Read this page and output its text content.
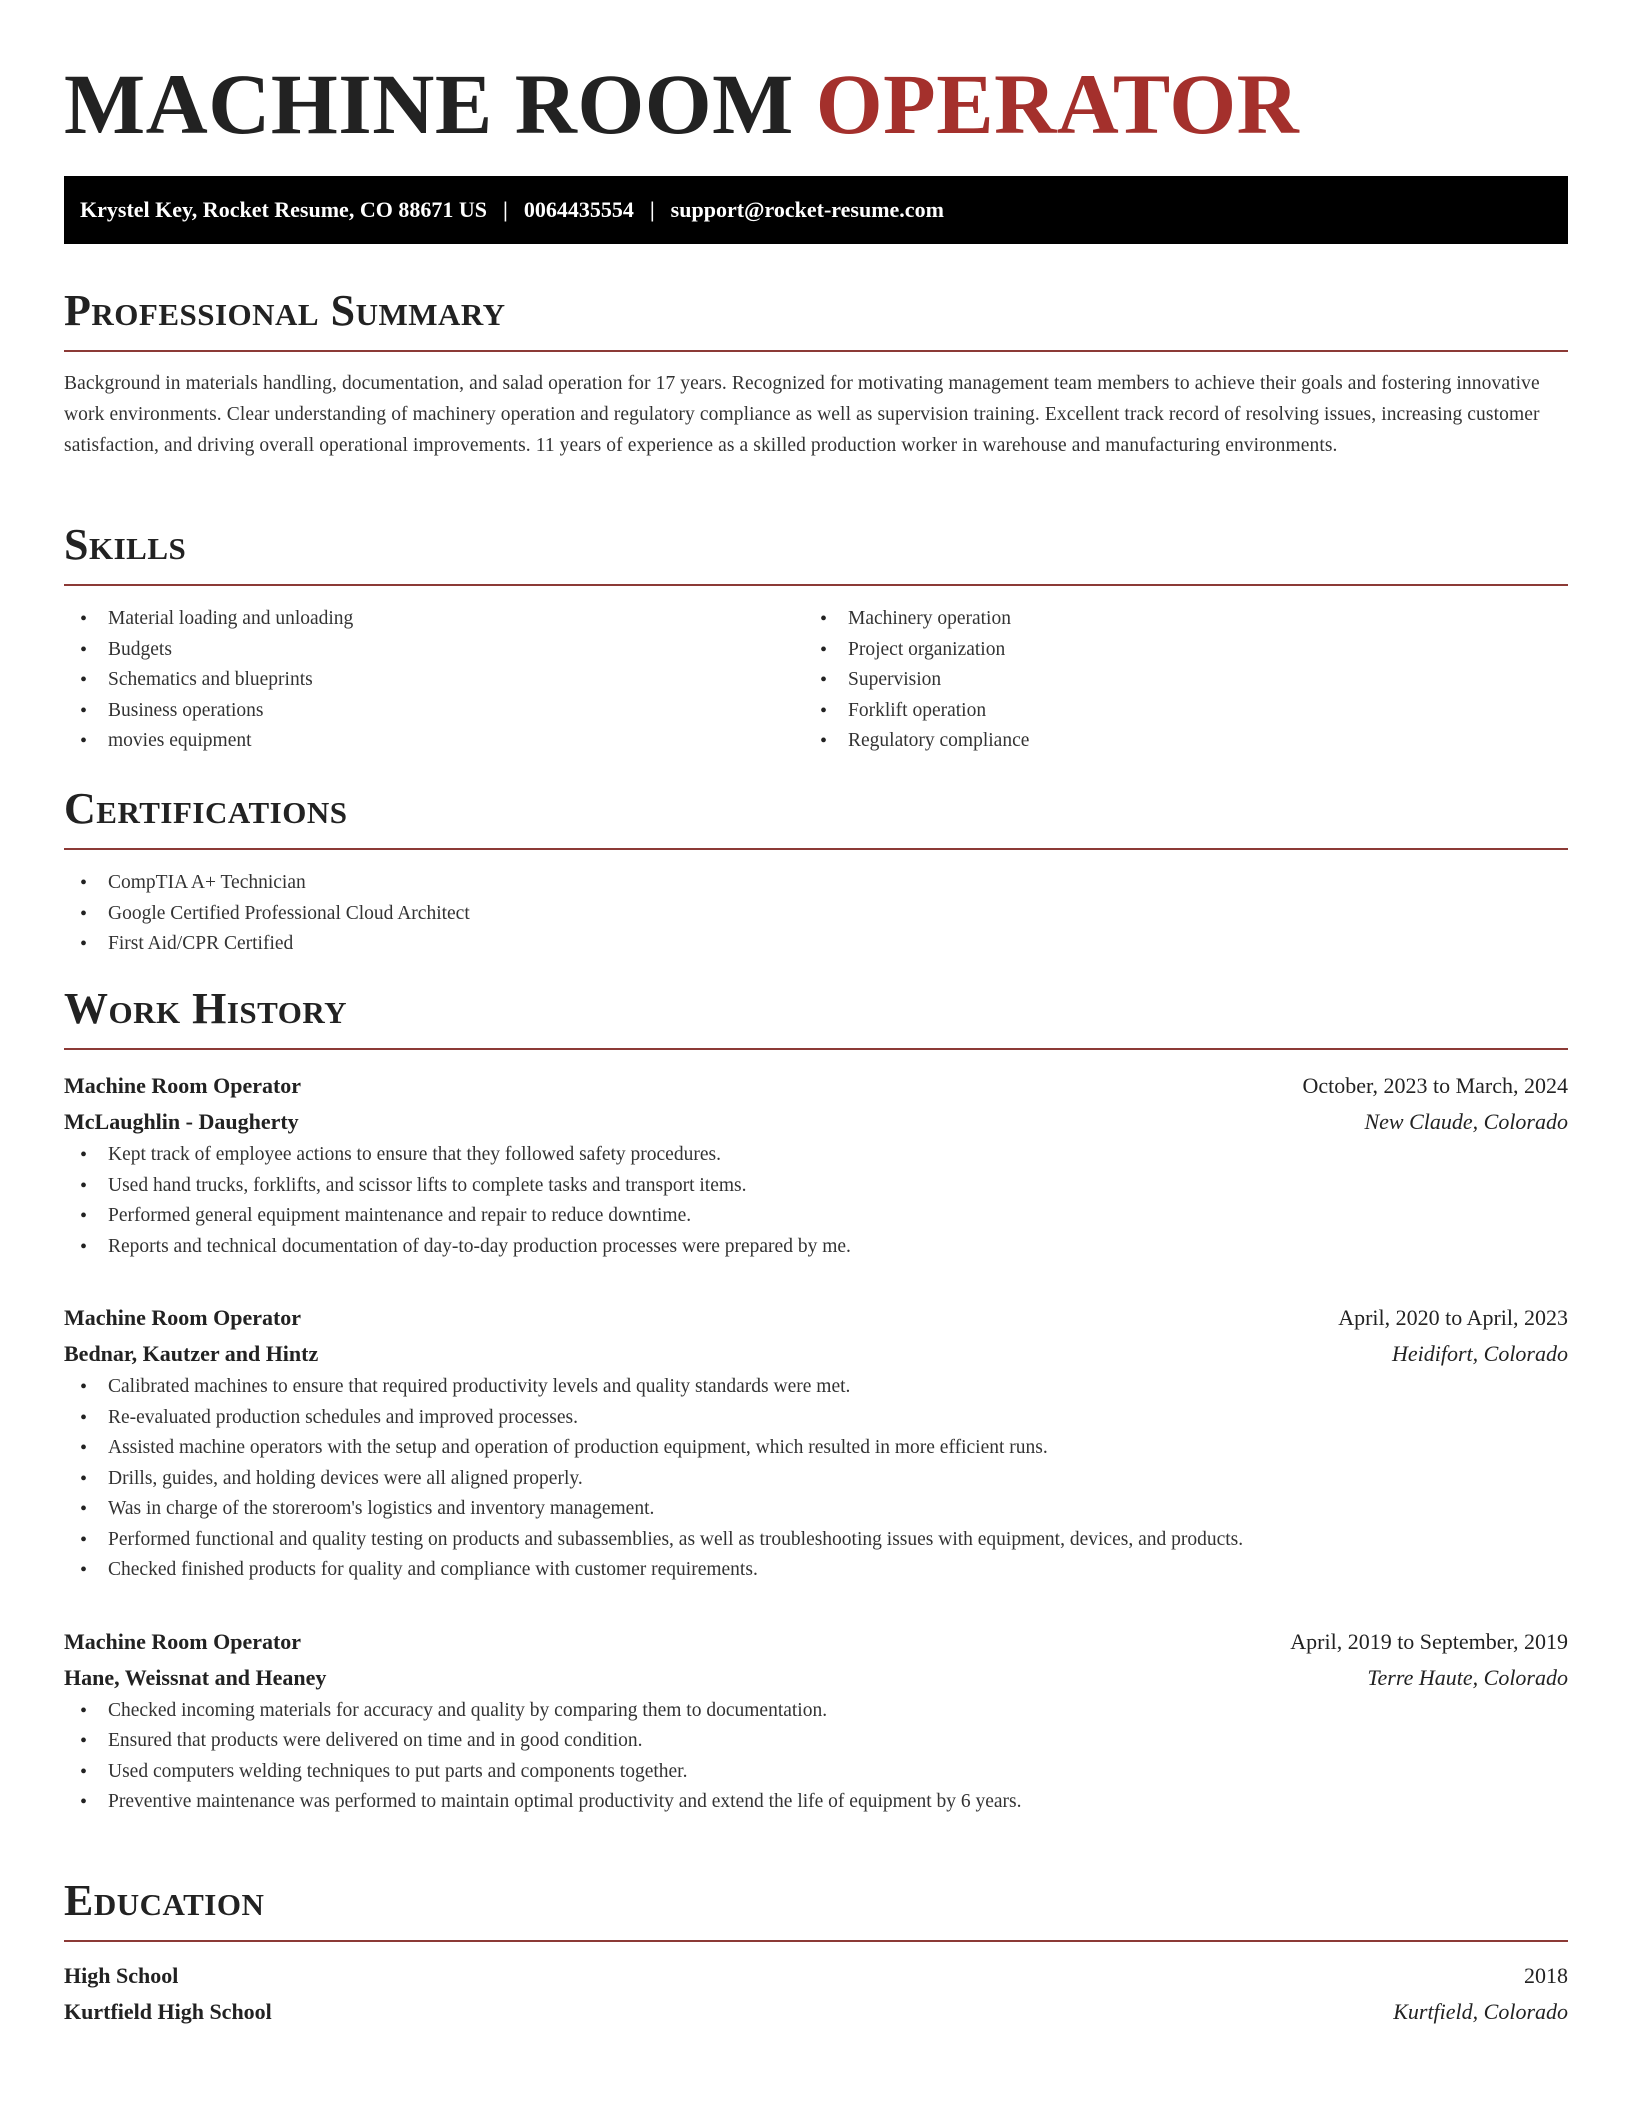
MACHINE ROOM OPERATOR
Krystel Key, Rocket Resume, CO 88671 US | 0064435554 | support@rocket-resume.com
Professional Summary
Background in materials handling, documentation, and salad operation for 17 years. Recognized for motivating management team members to achieve their goals and fostering innovative work environments. Clear understanding of machinery operation and regulatory compliance as well as supervision training. Excellent track record of resolving issues, increasing customer satisfaction, and driving overall operational improvements. 11 years of experience as a skilled production worker in warehouse and manufacturing environments.
Skills
• Material loading and unloading
• Budgets
• Schematics and blueprints
• Business operations
• movies equipment
• Machinery operation
• Project organization
• Supervision
• Forklift operation
• Regulatory compliance
Certifications
• CompTIA A+ Technician
• Google Certified Professional Cloud Architect
• First Aid/CPR Certified
Work History
Machine Room Operator	October, 2023 to March, 2024
McLaughlin - Daugherty	New Claude, Colorado
• Kept track of employee actions to ensure that they followed safety procedures.
• Used hand trucks, forklifts, and scissor lifts to complete tasks and transport items.
• Performed general equipment maintenance and repair to reduce downtime.
• Reports and technical documentation of day-to-day production processes were prepared by me.
Machine Room Operator	April, 2020 to April, 2023
Bednar, Kautzer and Hintz	Heidifort, Colorado
• Calibrated machines to ensure that required productivity levels and quality standards were met.
• Re-evaluated production schedules and improved processes.
• Assisted machine operators with the setup and operation of production equipment, which resulted in more efficient runs.
• Drills, guides, and holding devices were all aligned properly.
• Was in charge of the storeroom's logistics and inventory management.
• Performed functional and quality testing on products and subassemblies, as well as troubleshooting issues with equipment, devices, and products.
• Checked finished products for quality and compliance with customer requirements.
Machine Room Operator	April, 2019 to September, 2019
Hane, Weissnat and Heaney	Terre Haute, Colorado
• Checked incoming materials for accuracy and quality by comparing them to documentation.
• Ensured that products were delivered on time and in good condition.
• Used computers welding techniques to put parts and components together.
• Preventive maintenance was performed to maintain optimal productivity and extend the life of equipment by 6 years.
Education
High School	2018
Kurtfield High School	Kurtfield, Colorado
